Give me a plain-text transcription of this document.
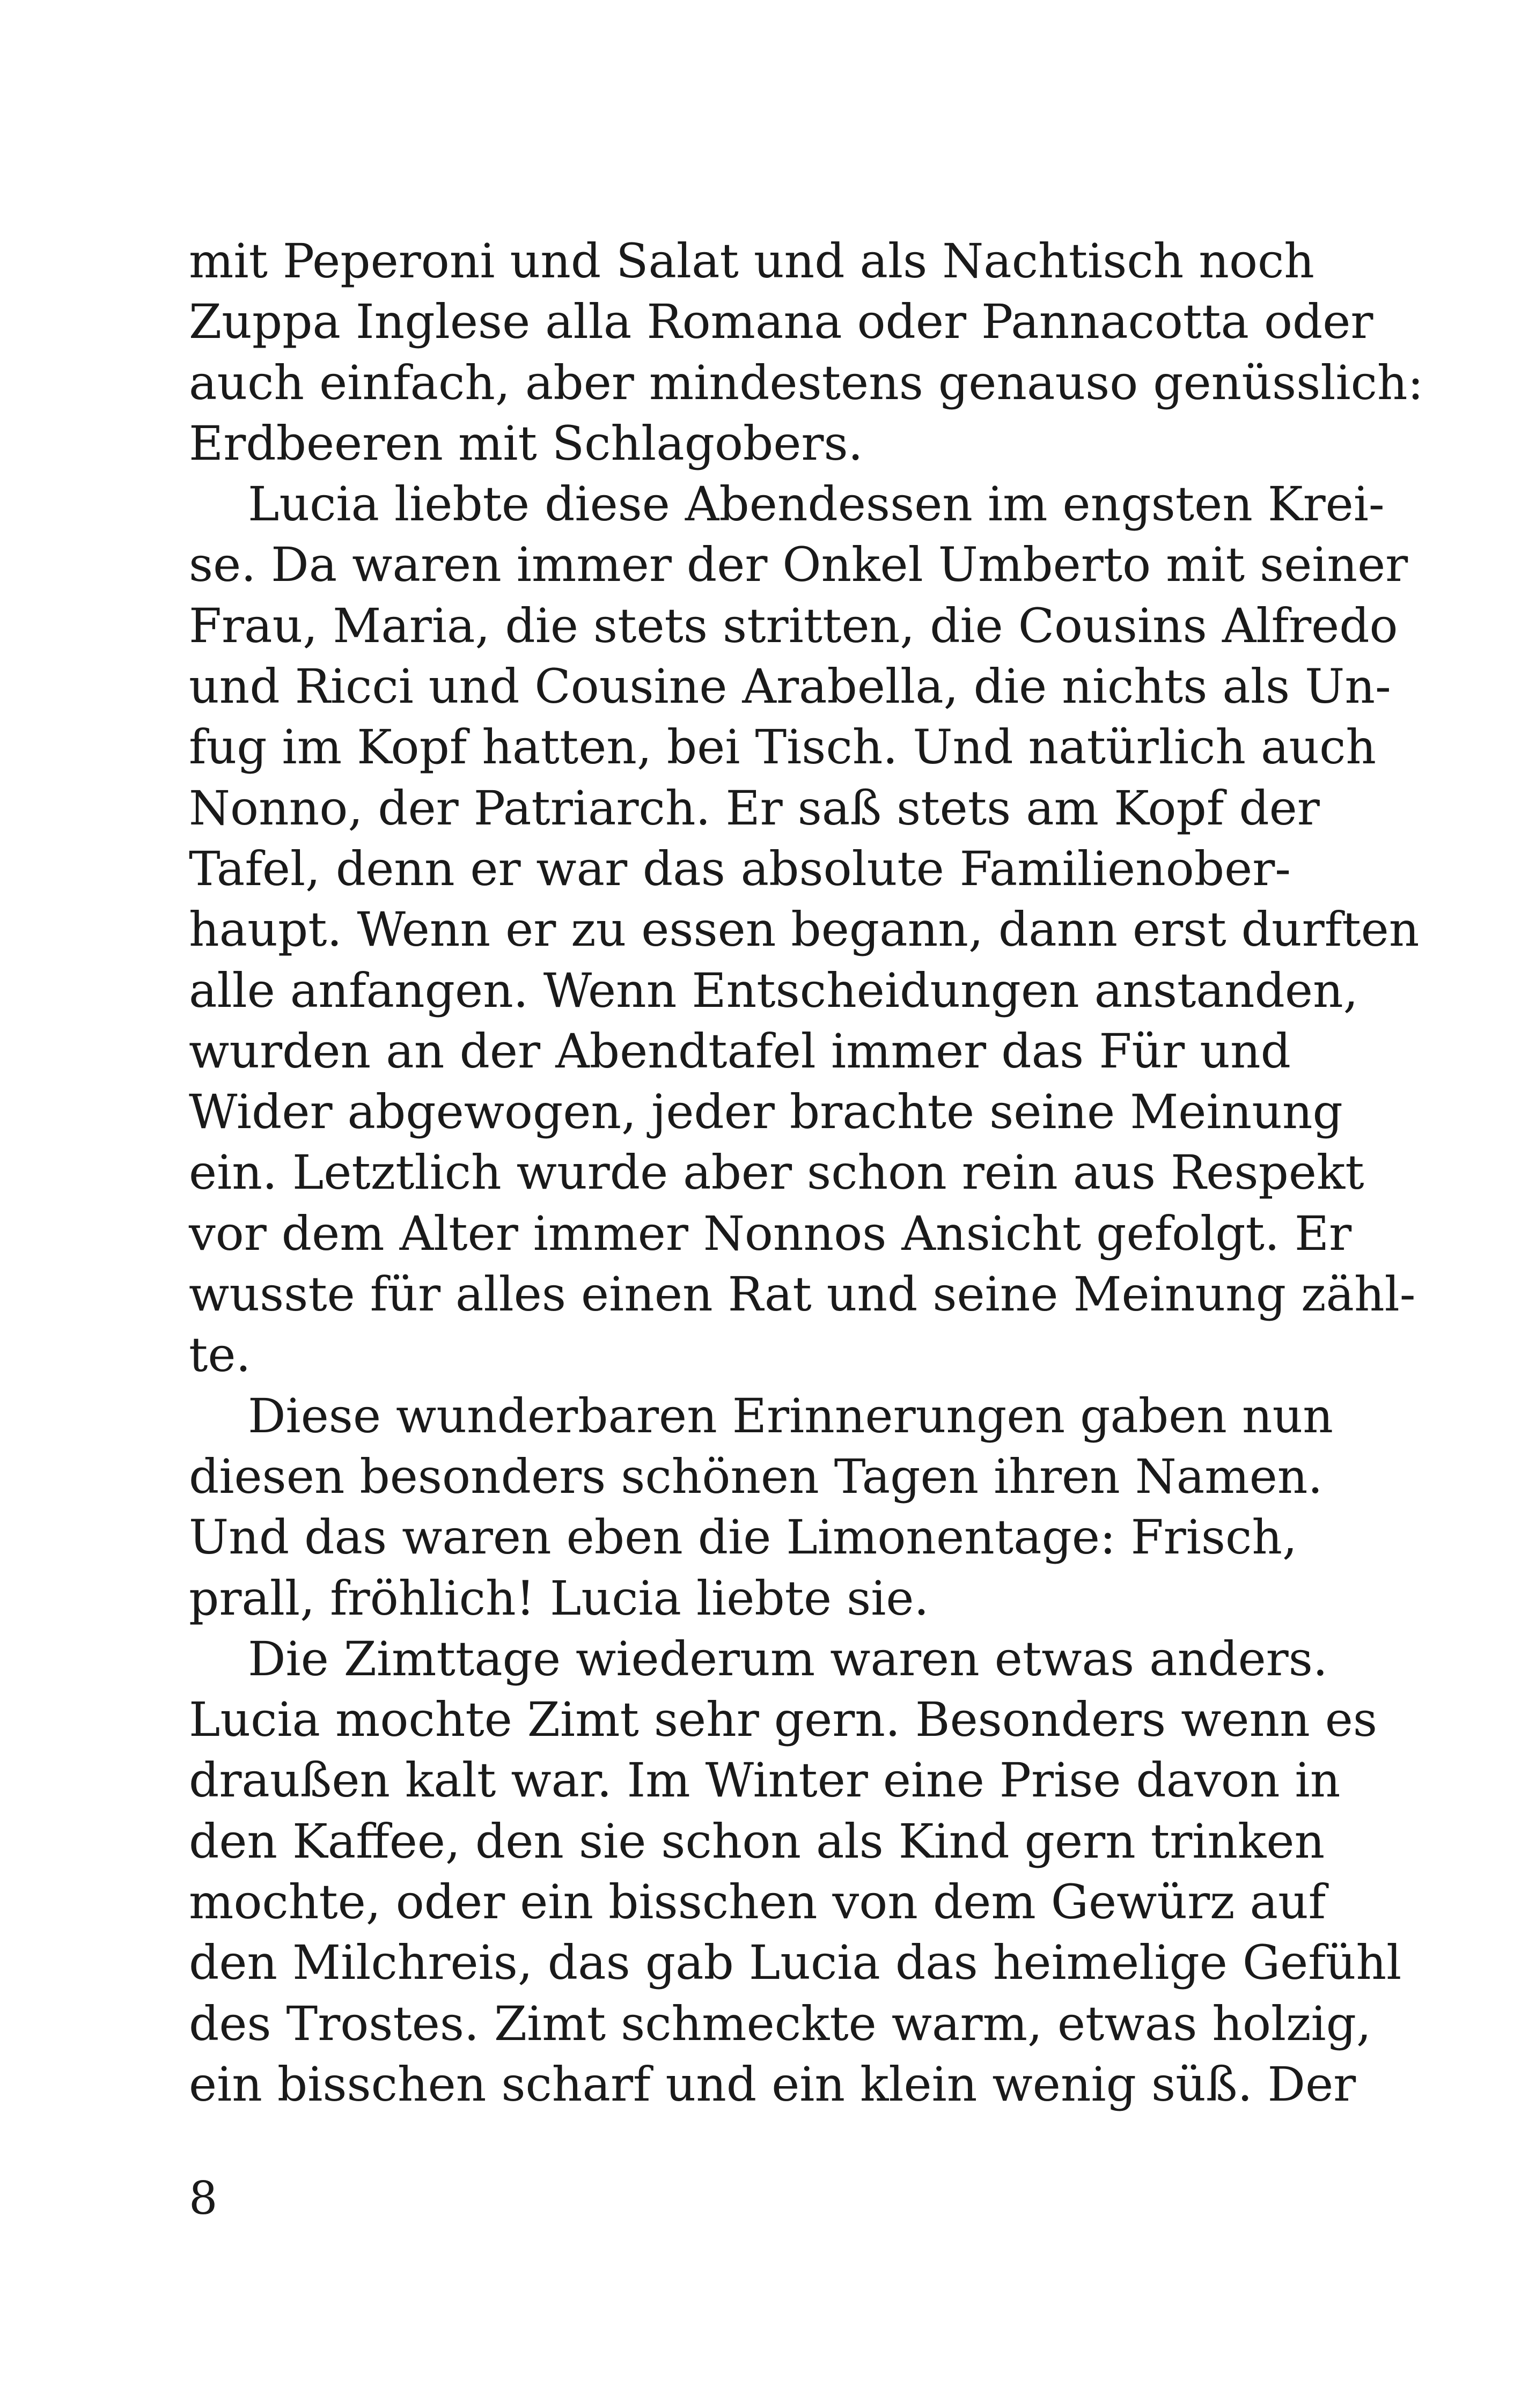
mit Peperoni und Salat und als Nachtisch noch
Zuppa Inglese alla Romana oder Pannacotta oder
auch einfach, aber mindestens genauso genüsslich:
Erdbeeren mit Schlagobers.
Lucia liebte diese Abendessen im engsten Krei-
se. Da waren immer der Onkel Umberto mit seiner
Frau, Maria, die stets stritten, die Cousins Alfredo
und Ricci und Cousine Arabella, die nichts als Un-
fug im Kopf hatten, bei Tisch. Und natürlich auch
Nonno, der Patriarch. Er saß stets am Kopf der
Tafel, denn er war das absolute Familienober-
haupt. Wenn er zu essen begann, dann erst durften
alle anfangen. Wenn Entscheidungen anstanden,
wurden an der Abendtafel immer das Für und
Wider abgewogen, jeder brachte seine Meinung
ein. Letztlich wurde aber schon rein aus Respekt
vor dem Alter immer Nonnos Ansicht gefolgt. Er
wusste für alles einen Rat und seine Meinung zähl-
te.
Diese wunderbaren Erinnerungen gaben nun
diesen besonders schönen Tagen ihren Namen.
Und das waren eben die Limonentage: Frisch,
prall, fröhlich! Lucia liebte sie.
Die Zimttage wiederum waren etwas anders.
Lucia mochte Zimt sehr gern. Besonders wenn es
draußen kalt war. Im Winter eine Prise davon in
den Kaffee, den sie schon als Kind gern trinken
mochte, oder ein bisschen von dem Gewürz auf
den Milchreis, das gab Lucia das heimelige Gefühl
des Trostes. Zimt schmeckte warm, etwas holzig,
ein bisschen scharf und ein klein wenig süß. Der
8
